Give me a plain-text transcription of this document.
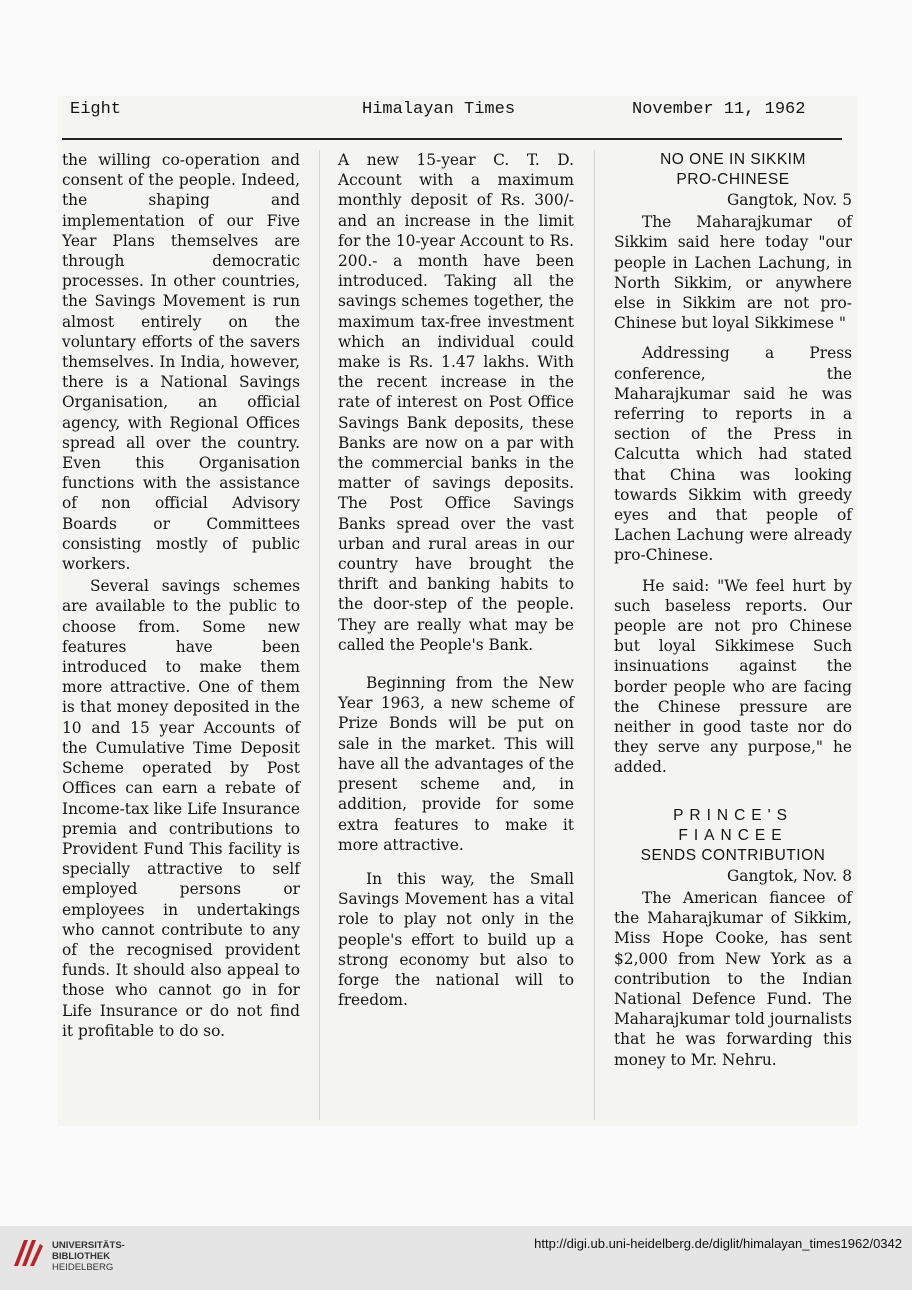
Eight	Himalayan Times	November 11, 1962

the willing co-operation and consent of the people. Indeed, the shaping and implementation of our Five Year Plans themselves are through democratic processes. In other countries, the Savings Movement is run almost entirely on the voluntary efforts of the savers themselves. In India, however, there is a National Savings Organisation, an official agency, with Regional Offices spread all over the country. Even this Organisation functions with the assistance of non official Advisory Boards or Committees consisting mostly of public workers.

Several savings schemes are available to the public to choose from. Some new features have been introduced to make them more attractive. One of them is that money deposited in the 10 and 15 year Accounts of the Cumulative Time Deposit Scheme operated by Post Offices can earn a rebate of Income-tax like Life Insurance premia and contributions to Provident Fund This facility is specially attractive to self employed persons or employees in undertakings who cannot contribute to any of the recognised provident funds. It should also appeal to those who cannot go in for Life Insurance or do not find it profitable to do so.

A new 15-year C. T. D. Account with a maximum monthly deposit of Rs. 300/- and an increase in the limit for the 10-year Account to Rs. 200.- a month have been introduced. Taking all the savings schemes together, the maximum tax-free investment which an individual could make is Rs. 1.47 lakhs. With the recent increase in the rate of interest on Post Office Savings Bank deposits, these Banks are now on a par with the commercial banks in the matter of savings deposits. The Post Office Savings Banks spread over the vast urban and rural areas in our country have brought the thrift and banking habits to the door-step of the people. They are really what may be called the People's Bank.

Beginning from the New Year 1963, a new scheme of Prize Bonds will be put on sale in the market. This will have all the advantages of the present scheme and, in addition, provide for some extra features to make it more attractive.

In this way, the Small Savings Movement has a vital role to play not only in the people's effort to build up a strong economy but also to forge the national will to freedom.

NO ONE IN SIKKIM

PRO-CHINESE

Gangtok, Nov. 5

The Maharajkumar of Sikkim said here today "our people in Lachen Lachung, in North Sikkim, or anywhere else in Sikkim are not pro-Chinese but loyal Sikkimese "

Addressing a Press conference, the Maharajkumar said he was referring to reports in a section of the Press in Calcutta which had stated that China was looking towards Sikkim with greedy eyes and that people of Lachen Lachung were already pro-Chinese.

He said: "We feel hurt by such baseless reports. Our people are not pro Chinese but loyal Sikkimese Such insinuations against the border people who are facing the Chinese pressure are neither in good taste nor do they serve any purpose," he added.

PRINCE'S FIANCEE

SENDS CONTRIBUTION

Gangtok, Nov. 8

The American fiancee of the Maharajkumar of Sikkim, Miss Hope Cooke, has sent $2,000 from New York as a contribution to the Indian National Defence Fund. The Maharajkumar told journalists that he was forwarding this money to Mr. Nehru.

UNIVERSITÄTS-
BIBLIOTHEK
HEIDELBERG
http://digi.ub.uni-heidelberg.de/diglit/himalayan_times1962/0342
